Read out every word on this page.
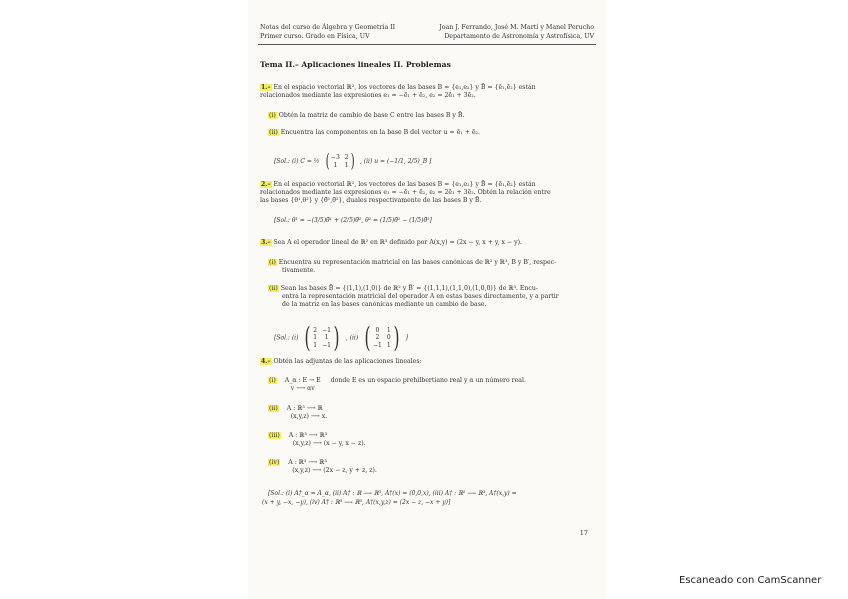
Notas del curso de Álgebra y Geometría II
Primer curso. Grado en Física, UV
Joan J. Ferrando, José M. Martí y Manel Perucho
Departamento de Astronomía y Astrofísica, UV
Tema II.– Aplicaciones lineales II. Problemas
1.– En el espacio vectorial ℝ², los vectores de las bases B = {e₁,e₂} y B̃ = {ẽ₁,ẽ₂} están
relacionados mediante las expresiones e₁ = −ẽ₁ + ẽ₂, e₂ = 2ẽ₁ + 3ẽ₂.
(i) Obtén la matriz de cambio de base C entre las bases B y B̃.
(ii) Encuentra las componentes en la base B del vector u = ẽ₁ + ẽ₂.
[Sol.: (i) C = ½ ( −3 2
1	1 ) , (ii) u = (−1/1, 2/5)_B ]
2.– En el espacio vectorial ℝ², los vectores de las bases B = {e₁,e₂} y B̃ = {ẽ₁,ẽ₂} están
relacionados mediante las expresiones e₁ = −ẽ₁ + ẽ₂, e₂ = 2ẽ₁ + 3ẽ₂. Obtén la relación entre
las bases {θ¹,θ²} y {θ̃¹,θ̃²}, duales respectivamente de las bases B y B̃.
[Sol.: θ¹ = −(3/5)θ̃¹ + (2/5)θ̃², θ² = (1/5)θ̃¹ − (1/5)θ̃²]
3.– Sea A el operador lineal de ℝ² en ℝ³ definido por A(x,y) = (2x − y, x + y, x − y).
(i) Encuentra su representación matricial en las bases canónicas de ℝ² y ℝ³, B y B′, respec-
tivamente.
(ii) Sean las bases B̃ = {(1,1),(1,0)} de ℝ² y B̃′ = {(1,1,1),(1,1,0),(1,0,0)} de ℝ³. Encu-
entra la representación matricial del operador A en estas bases directamente, y a partir
de la matriz en las bases canónicas mediante un cambio de base.
[Sol.: (i) ( 2 −1
1	1
1 −1 ) , (ii) ( 0	1
2	0
−1 1 ) ]
4.– Obtén las adjuntas de las aplicaciones lineales:
(i) A_α : E → E
v ⟶ αv
donde E es un espacio prehilbertiano real y α un número real.
(ii) A : ℝ³ ⟶ ℝ
(x,y,z) ⟶ x.
(iii) A : ℝ³ ⟶ ℝ³
(x,y,z) ⟶ (x − y, x − z).
(iv) A : ℝ³ ⟶ ℝ³
(x,y,z) ⟶ (2x − z, y + z, z).
[Sol.: (i) A†_α = A_α, (ii) A† : ℝ ⟶ ℝ³, A†(x) = (0,0,x), (iii) A† : ℝ² ⟶ ℝ³, A†(x,y) =
(x + y, −x, −y), (iv) A† : ℝ³ ⟶ ℝ³, A†(x,y,z) = (2x − z, −x + y)]
17
Escaneado con CamScanner
